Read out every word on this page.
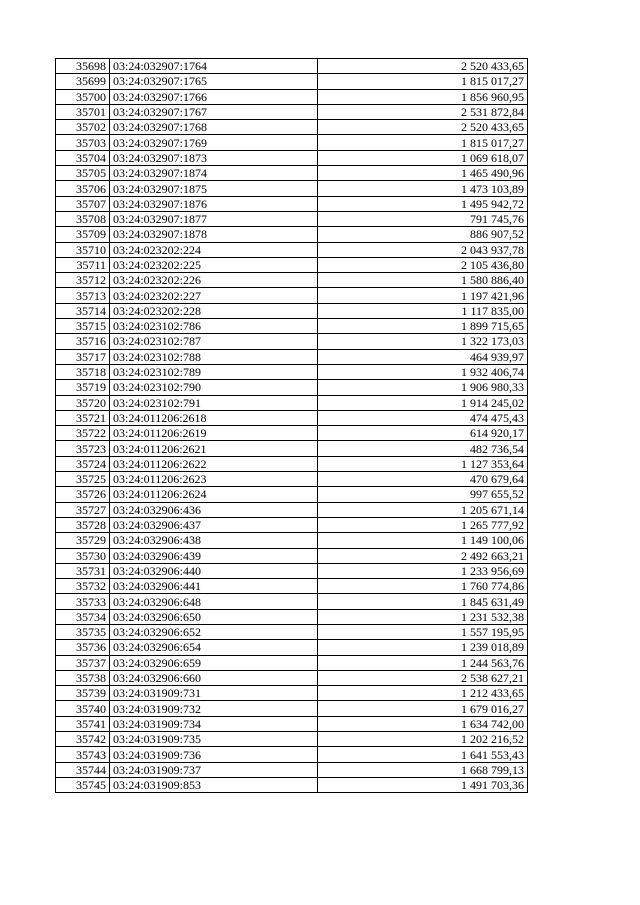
35698	03:24:032907:1764	2 520 433,65
35699	03:24:032907:1765	1 815 017,27
35700	03:24:032907:1766	1 856 960,95
35701	03:24:032907:1767	2 531 872,84
35702	03:24:032907:1768	2 520 433,65
35703	03:24:032907:1769	1 815 017,27
35704	03:24:032907:1873	1 069 618,07
35705	03:24:032907:1874	1 465 490,96
35706	03:24:032907:1875	1 473 103,89
35707	03:24:032907:1876	1 495 942,72
35708	03:24:032907:1877	791 745,76
35709	03:24:032907:1878	886 907,52
35710	03:24:023202:224	2 043 937,78
35711	03:24:023202:225	2 105 436,80
35712	03:24:023202:226	1 580 886,40
35713	03:24:023202:227	1 197 421,96
35714	03:24:023202:228	1 117 835,00
35715	03:24:023102:786	1 899 715,65
35716	03:24:023102:787	1 322 173,03
35717	03:24:023102:788	464 939,97
35718	03:24:023102:789	1 932 406,74
35719	03:24:023102:790	1 906 980,33
35720	03:24:023102:791	1 914 245,02
35721	03:24:011206:2618	474 475,43
35722	03:24:011206:2619	614 920,17
35723	03:24:011206:2621	482 736,54
35724	03:24:011206:2622	1 127 353,64
35725	03:24:011206:2623	470 679,64
35726	03:24:011206:2624	997 655,52
35727	03:24:032906:436	1 205 671,14
35728	03:24:032906:437	1 265 777,92
35729	03:24:032906:438	1 149 100,06
35730	03:24:032906:439	2 492 663,21
35731	03:24:032906:440	1 233 956,69
35732	03:24:032906:441	1 760 774,86
35733	03:24:032906:648	1 845 631,49
35734	03:24:032906:650	1 231 532,38
35735	03:24:032906:652	1 557 195,95
35736	03:24:032906:654	1 239 018,89
35737	03:24:032906:659	1 244 563,76
35738	03:24:032906:660	2 538 627,21
35739	03:24:031909:731	1 212 433,65
35740	03:24:031909:732	1 679 016,27
35741	03:24:031909:734	1 634 742,00
35742	03:24:031909:735	1 202 216,52
35743	03:24:031909:736	1 641 553,43
35744	03:24:031909:737	1 668 799,13
35745	03:24:031909:853	1 491 703,36
